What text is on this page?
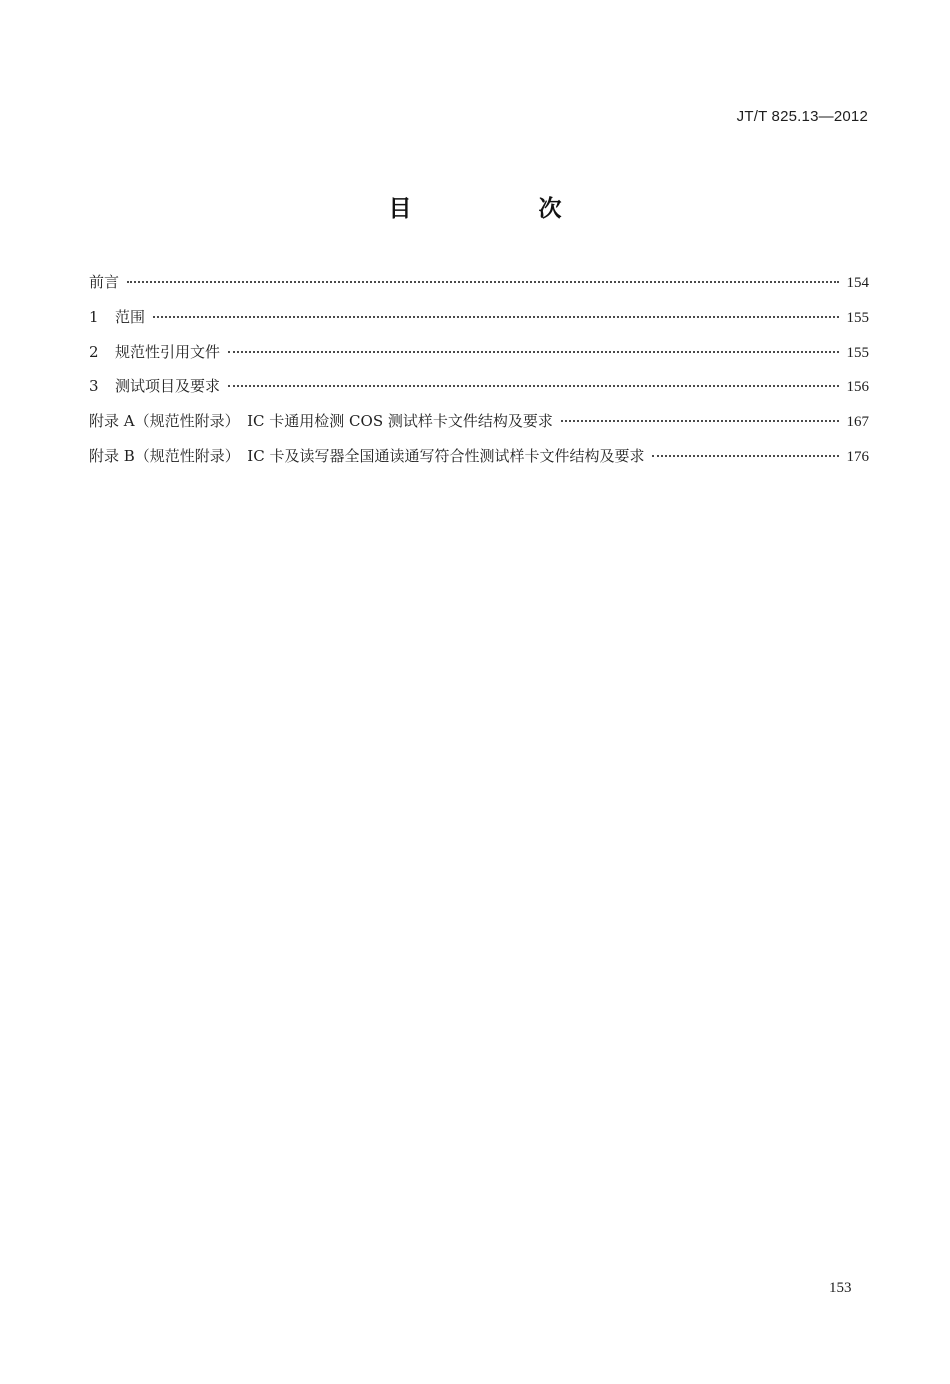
JT/T 825.13—2012
目　次
前言	154
1	范围	155
2	规范性引用文件	155
3	测试项目及要求	156
附录 A（规范性附录）　IC 卡通用检测 COS 测试样卡文件结构及要求	167
附录 B（规范性附录）　IC 卡及读写器全国通读通写符合性测试样卡文件结构及要求	176
153
